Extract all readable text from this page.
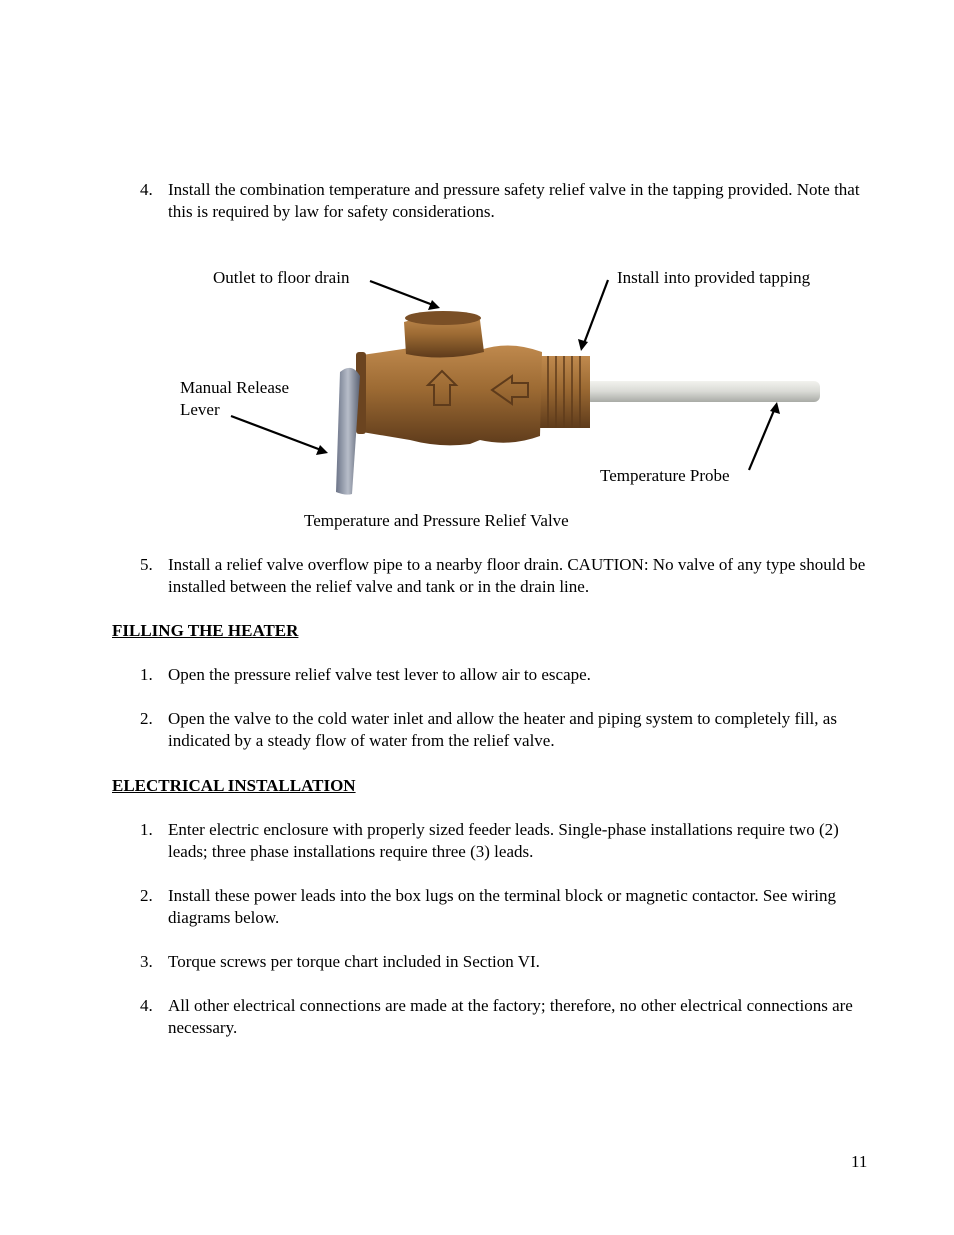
4. Install the combination temperature and pressure safety relief valve in the tapping provided. Note that this is required by law for safety considerations.
Outlet to floor drain	Install into provided tapping
Manual Release
Lever
Temperature Probe
Temperature and Pressure Relief Valve
5. Install a relief valve overflow pipe to a nearby floor drain. CAUTION: No valve of any type should be installed between the relief valve and tank or in the drain line.
FILLING THE HEATER
1. Open the pressure relief valve test lever to allow air to escape.
2. Open the valve to the cold water inlet and allow the heater and piping system to completely fill, as indicated by a steady flow of water from the relief valve.
ELECTRICAL INSTALLATION
1. Enter electric enclosure with properly sized feeder leads. Single-phase installations require two (2) leads; three phase installations require three (3) leads.
2. Install these power leads into the box lugs on the terminal block or magnetic contactor. See wiring diagrams below.
3. Torque screws per torque chart included in Section VI.
4. All other electrical connections are made at the factory; therefore, no other electrical connections are necessary.
11
